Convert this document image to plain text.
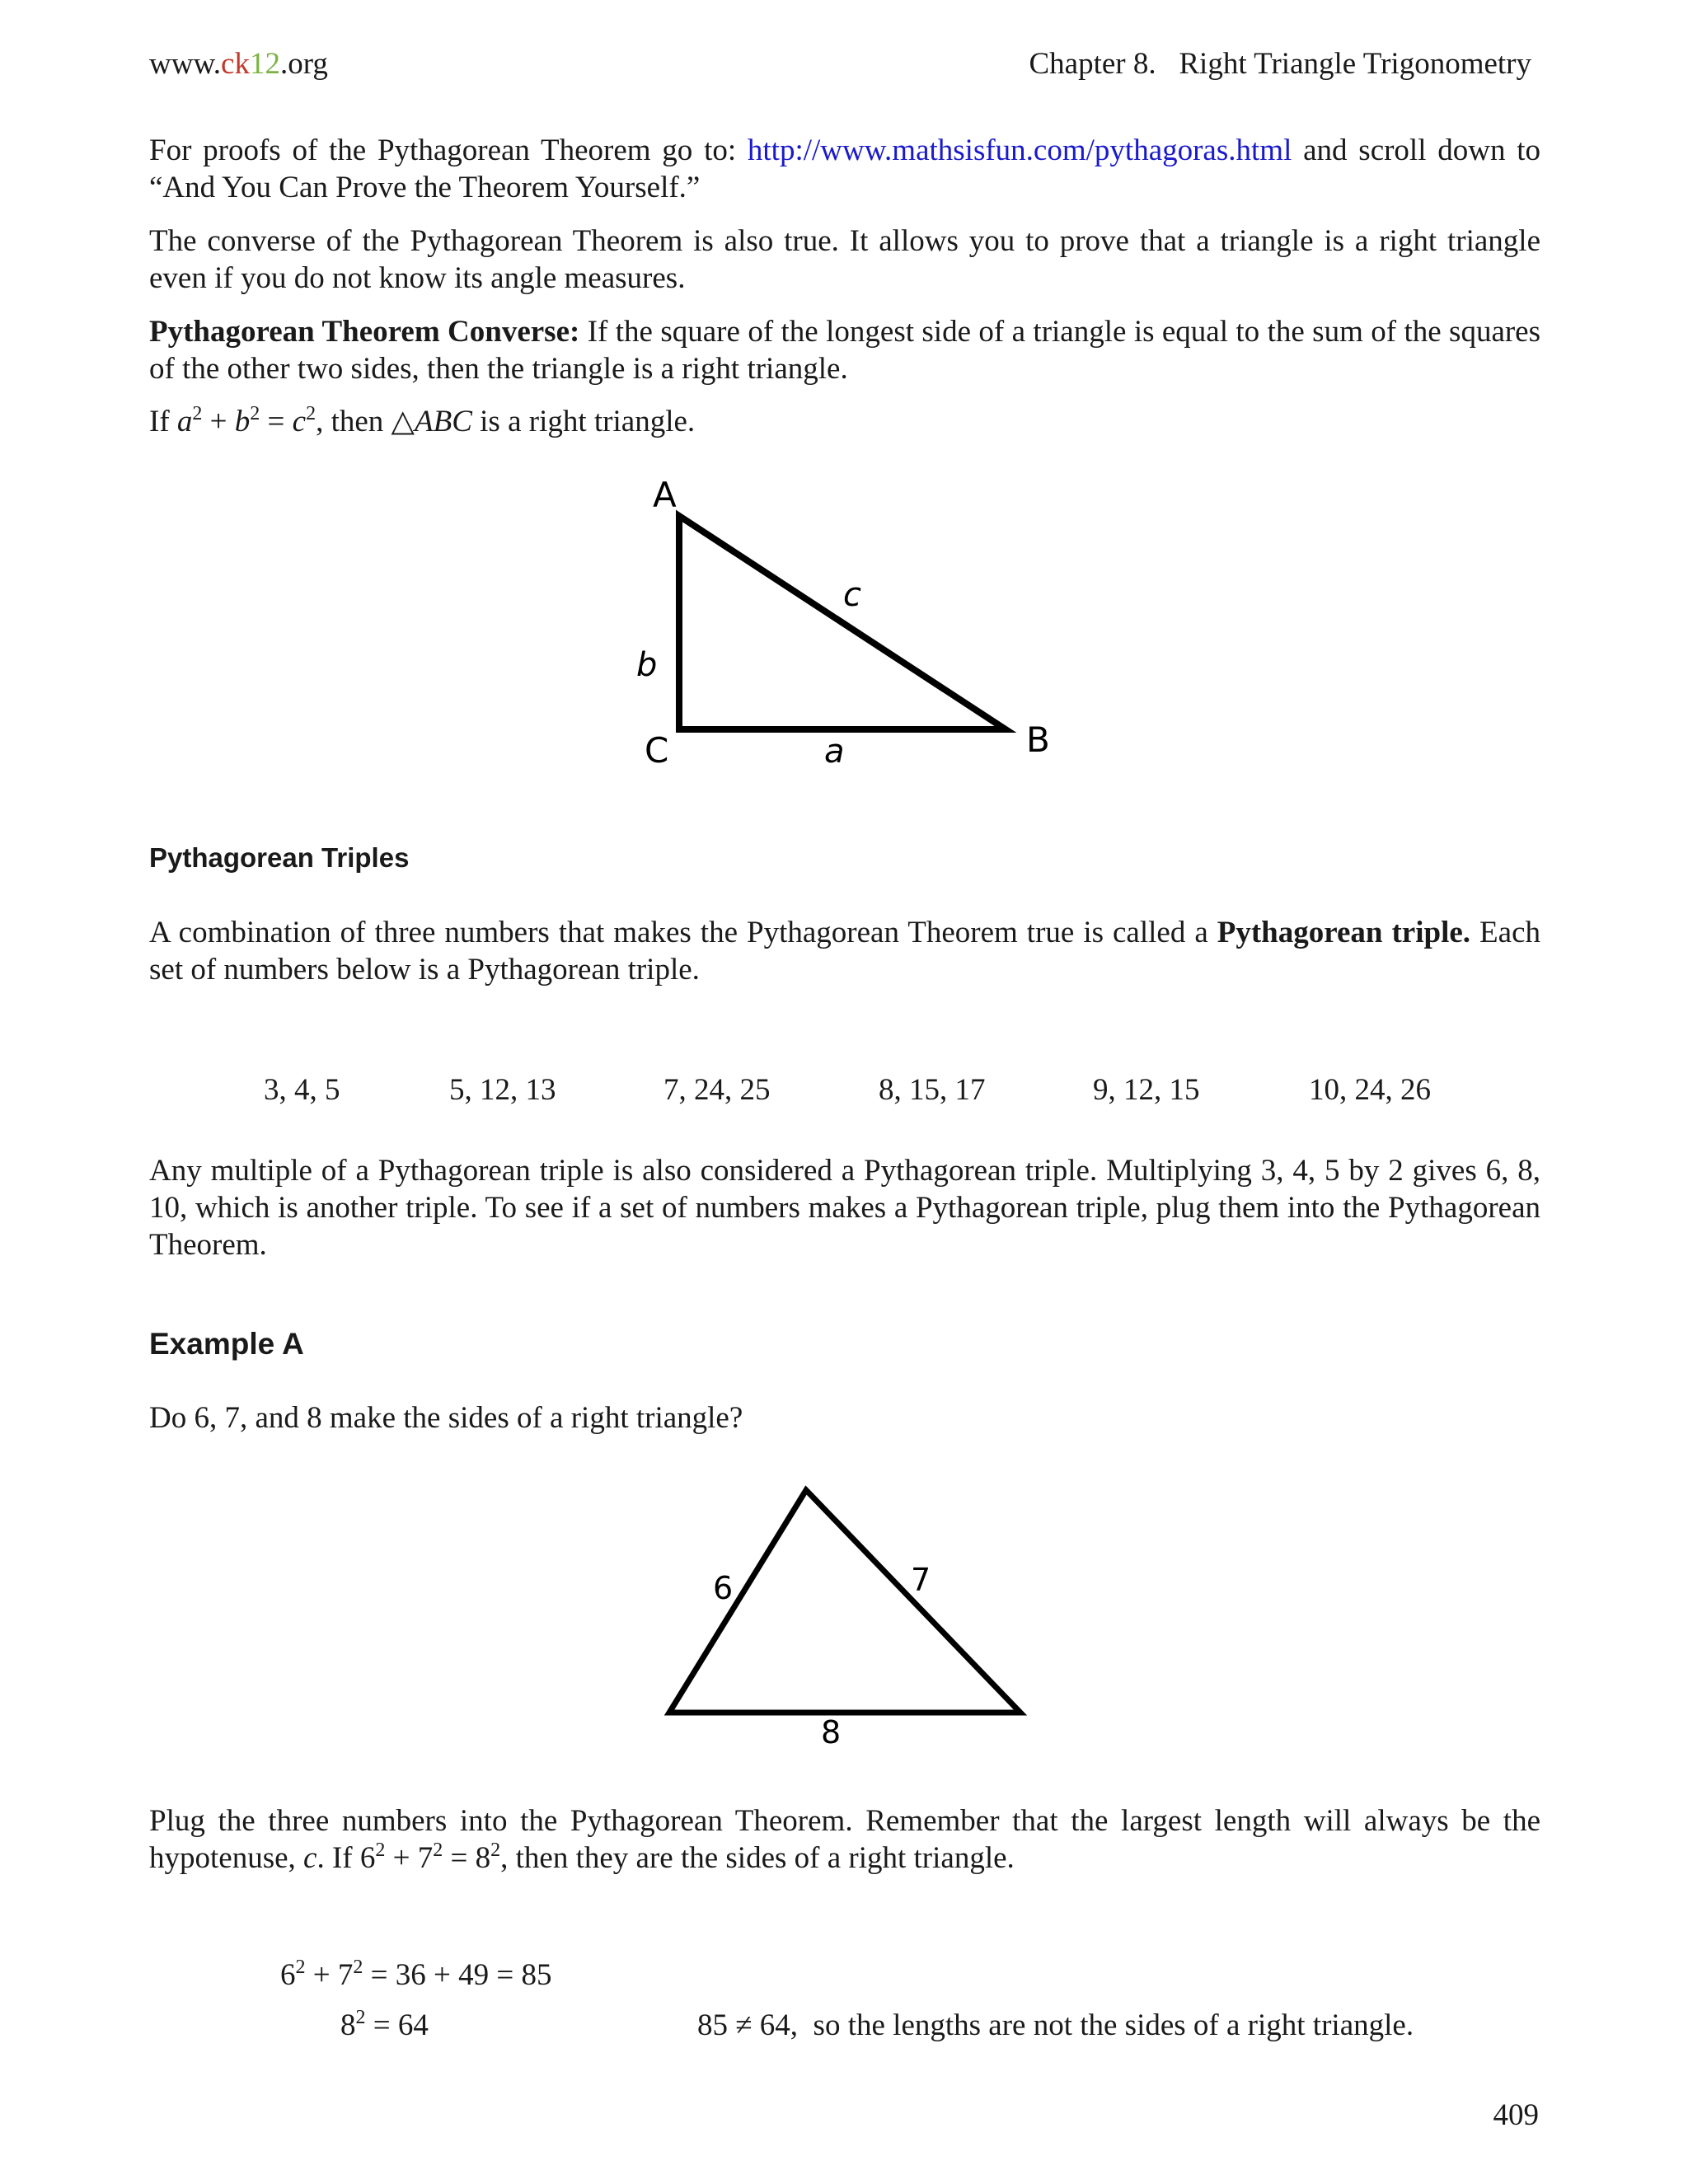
www.ck12.org	Chapter 8.   Right Triangle Trigonometry
For proofs of the Pythagorean Theorem go to: http://www.mathsisfun.com/pythagoras.html and scroll down to “And You Can Prove the Theorem Yourself.”
The converse of the Pythagorean Theorem is also true. It allows you to prove that a triangle is a right triangle even if you do not know its angle measures.
Pythagorean Theorem Converse: If the square of the longest side of a triangle is equal to the sum of the squares of the other two sides, then the triangle is a right triangle.
If $a^2 + b^2 = c^2$, then △ABC is a right triangle.
A
B
C	a
b
c
Pythagorean Triples
A combination of three numbers that makes the Pythagorean Theorem true is called a Pythagorean triple. Each set of numbers below is a Pythagorean triple.
3, 4, 5	5, 12, 13	7, 24, 25	8, 15, 17	9, 12, 15	10, 24, 26
Any multiple of a Pythagorean triple is also considered a Pythagorean triple. Multiplying 3, 4, 5 by 2 gives 6, 8, 10, which is another triple. To see if a set of numbers makes a Pythagorean triple, plug them into the Pythagorean Theorem.
Example A
Do 6, 7, and 8 make the sides of a right triangle?
6	7
8
Plug the three numbers into the Pythagorean Theorem. Remember that the largest length will always be the hypotenuse, c. If $6^2 + 7^2 = 8^2$, then they are the sides of a right triangle.
$6^2 + 7^2 = 36 + 49 = 85$
$8^2 = 64$	85 ≠ 64,  so the lengths are not the sides of a right triangle.
409
